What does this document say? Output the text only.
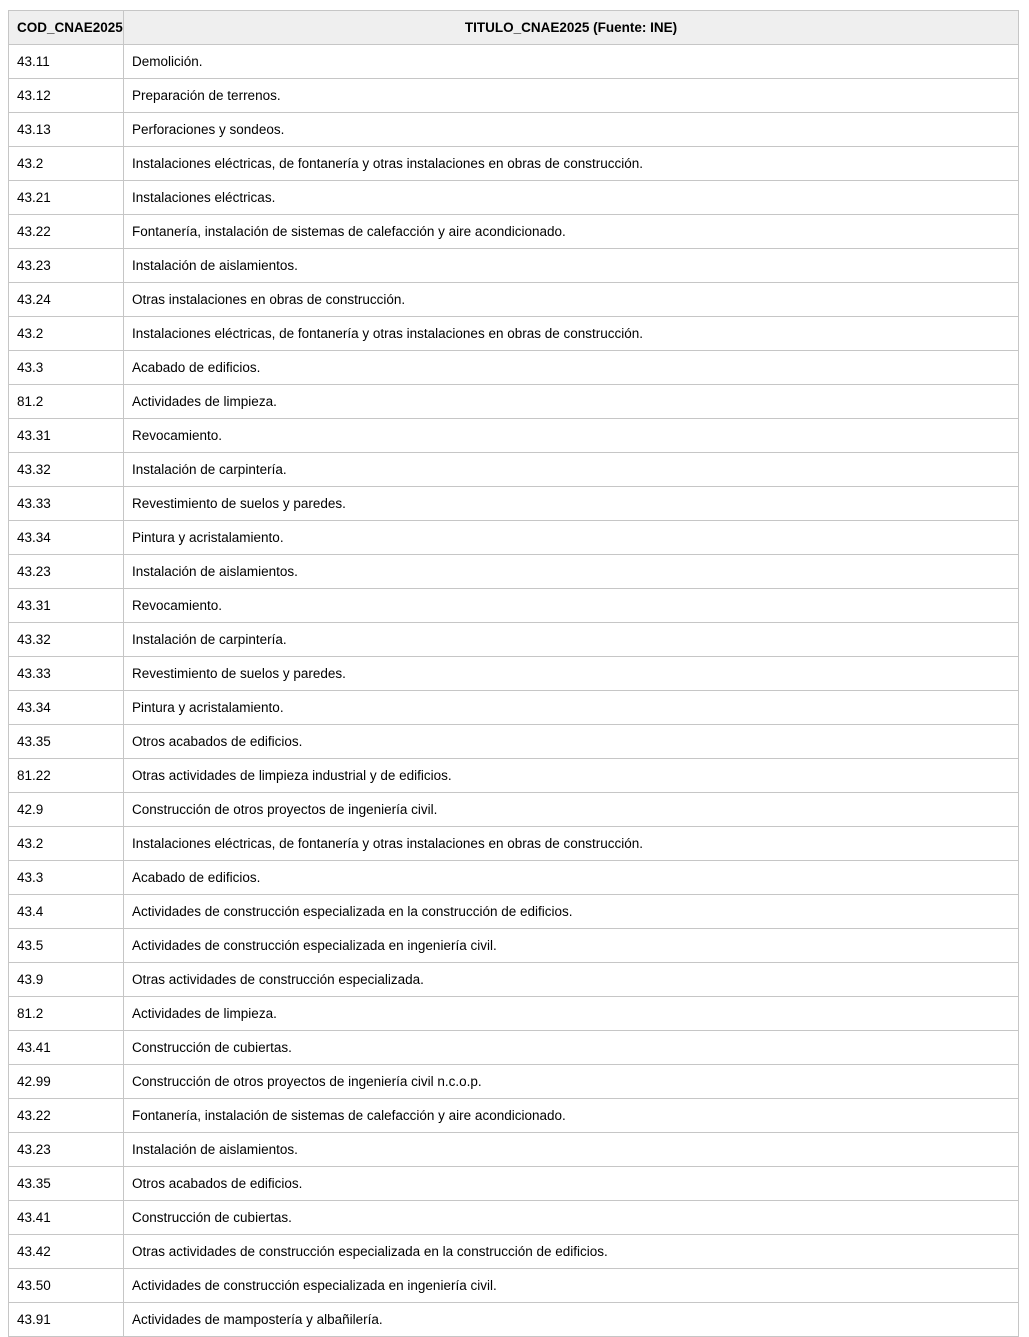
COD_CNAE2025	TITULO_CNAE2025 (Fuente: INE)
43.11	Demolición.
43.12	Preparación de terrenos.
43.13	Perforaciones y sondeos.
43.2	Instalaciones eléctricas, de fontanería y otras instalaciones en obras de construcción.
43.21	Instalaciones eléctricas.
43.22	Fontanería, instalación de sistemas de calefacción y aire acondicionado.
43.23	Instalación de aislamientos.
43.24	Otras instalaciones en obras de construcción.
43.2	Instalaciones eléctricas, de fontanería y otras instalaciones en obras de construcción.
43.3	Acabado de edificios.
81.2	Actividades de limpieza.
43.31	Revocamiento.
43.32	Instalación de carpintería.
43.33	Revestimiento de suelos y paredes.
43.34	Pintura y acristalamiento.
43.23	Instalación de aislamientos.
43.31	Revocamiento.
43.32	Instalación de carpintería.
43.33	Revestimiento de suelos y paredes.
43.34	Pintura y acristalamiento.
43.35	Otros acabados de edificios.
81.22	Otras actividades de limpieza industrial y de edificios.
42.9	Construcción de otros proyectos de ingeniería civil.
43.2	Instalaciones eléctricas, de fontanería y otras instalaciones en obras de construcción.
43.3	Acabado de edificios.
43.4	Actividades de construcción especializada en la construcción de edificios.
43.5	Actividades de construcción especializada en ingeniería civil.
43.9	Otras actividades de construcción especializada.
81.2	Actividades de limpieza.
43.41	Construcción de cubiertas.
42.99	Construcción de otros proyectos de ingeniería civil n.c.o.p.
43.22	Fontanería, instalación de sistemas de calefacción y aire acondicionado.
43.23	Instalación de aislamientos.
43.35	Otros acabados de edificios.
43.41	Construcción de cubiertas.
43.42	Otras actividades de construcción especializada en la construcción de edificios.
43.50	Actividades de construcción especializada en ingeniería civil.
43.91	Actividades de mampostería y albañilería.
